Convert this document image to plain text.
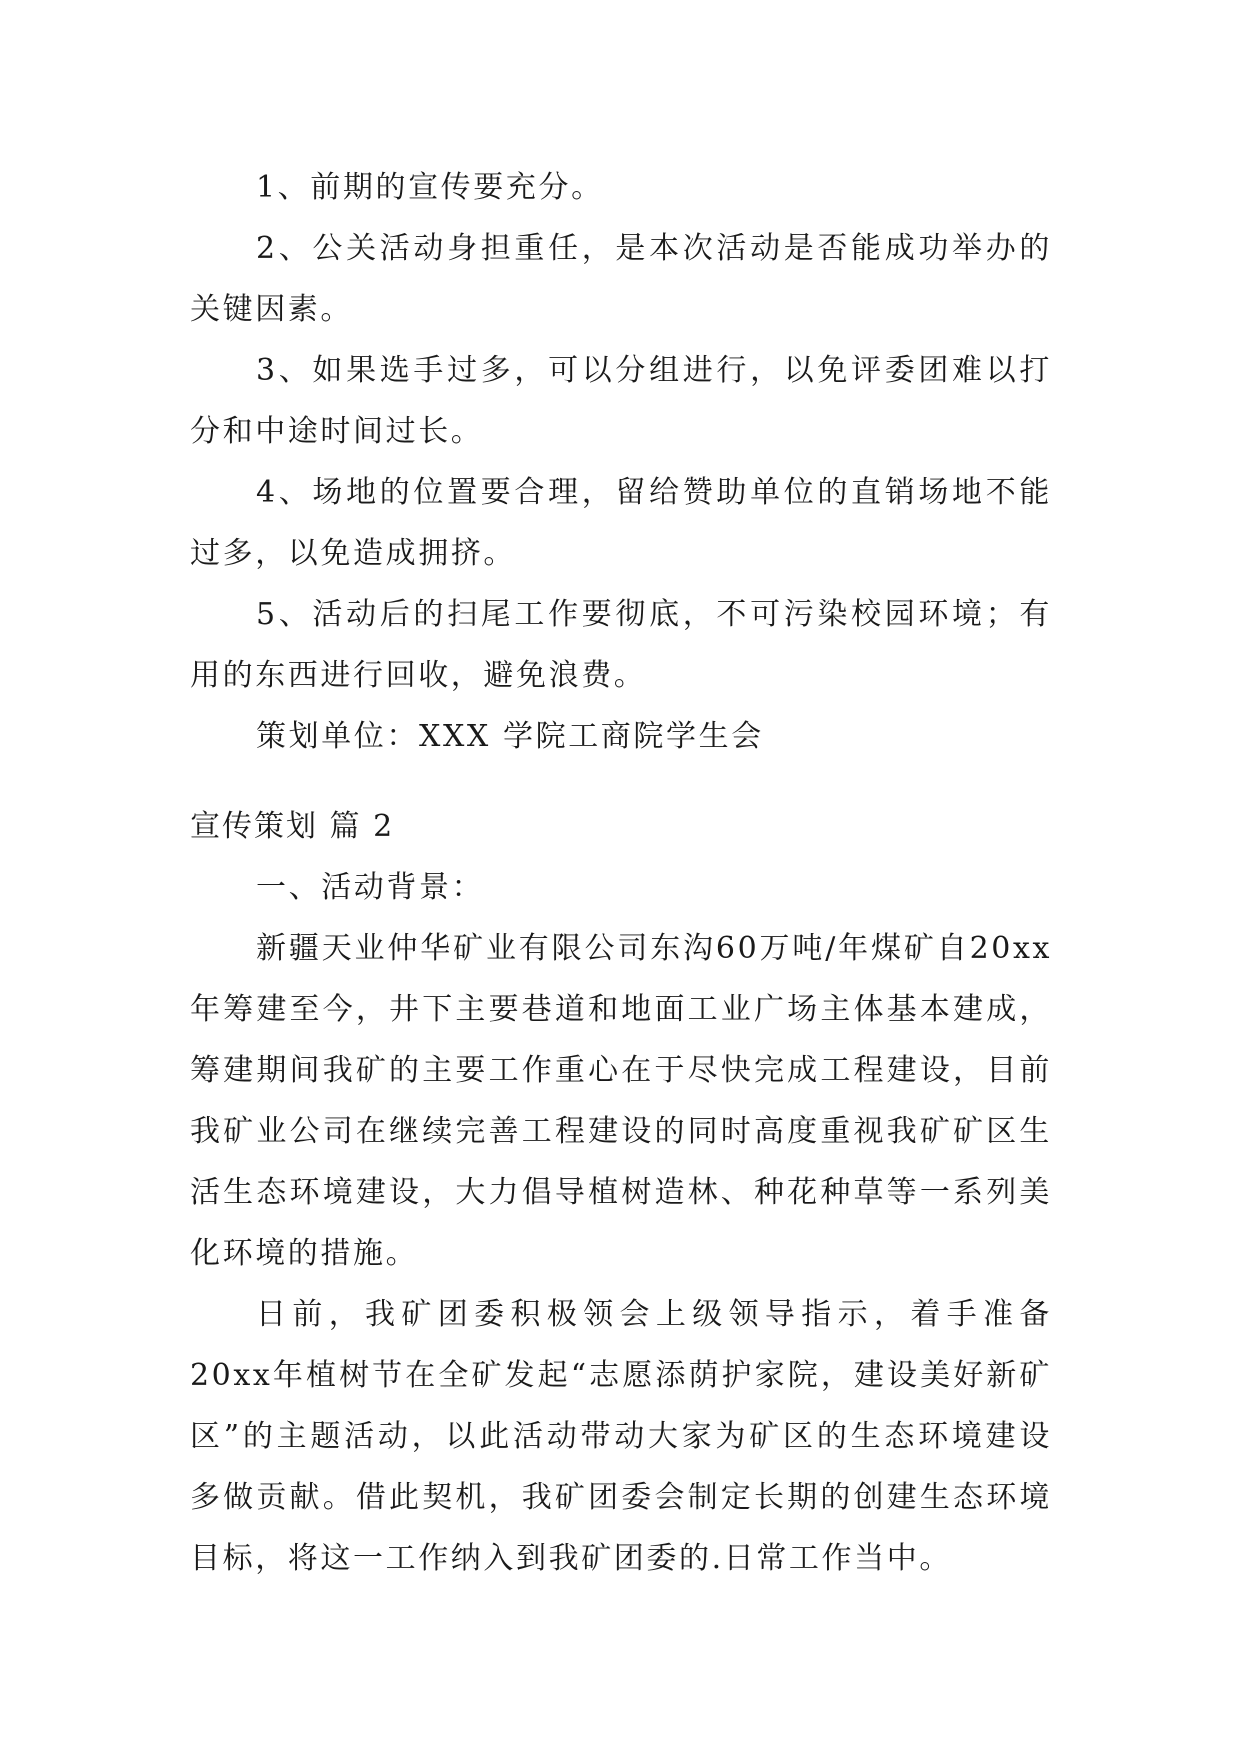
1、前期的宣传要充分。

2、公关活动身担重任，是本次活动是否能成功举办的关键因素。

3、如果选手过多，可以分组进行，以免评委团难以打分和中途时间过长。

4、场地的位置要合理，留给赞助单位的直销场地不能过多，以免造成拥挤。

5、活动后的扫尾工作要彻底，不可污染校园环境；有用的东西进行回收，避免浪费。

策划单位：XXX 学院工商院学生会

宣传策划 篇 2

一、活动背景：

新疆天业仲华矿业有限公司东沟60万吨/年煤矿自20xx年筹建至今，井下主要巷道和地面工业广场主体基本建成，筹建期间我矿的主要工作重心在于尽快完成工程建设，目前我矿业公司在继续完善工程建设的同时高度重视我矿矿区生活生态环境建设，大力倡导植树造林、种花种草等一系列美化环境的措施。

日前，我矿团委积极领会上级领导指示，着手准备20xx年植树节在全矿发起“志愿添荫护家院，建设美好新矿区”的主题活动，以此活动带动大家为矿区的生态环境建设多做贡献。借此契机，我矿团委会制定长期的创建生态环境目标，将这一工作纳入到我矿团委的.日常工作当中。
